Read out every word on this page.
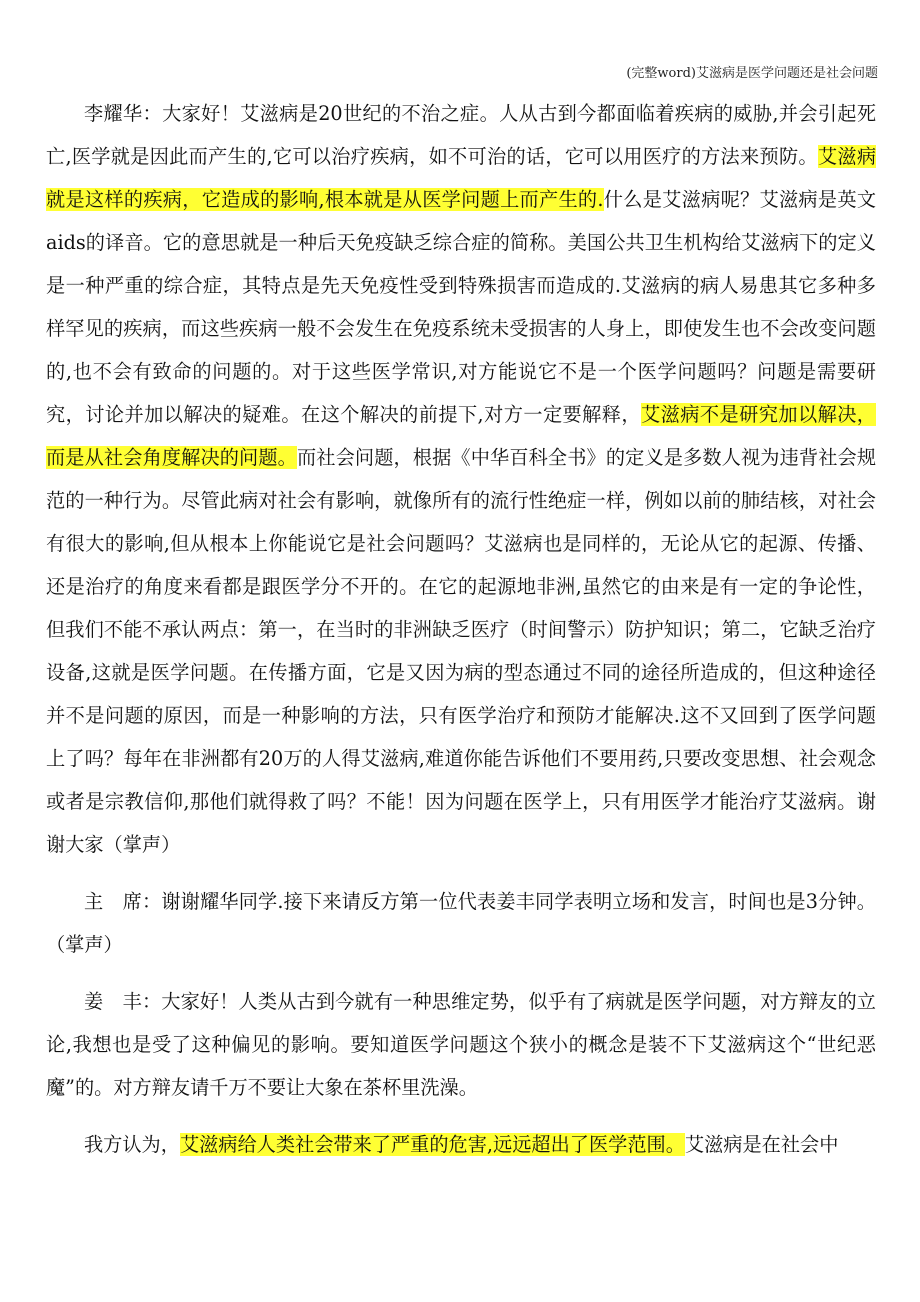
(完整word)艾滋病是医学问题还是社会问题

李耀华：大家好！艾滋病是20世纪的不治之症。人从古到今都面临着疾病的威胁,并会引起死亡,医学就是因此而产生的,它可以治疗疾病，如不可治的话，它可以用医疗的方法来预防。艾滋病就是这样的疾病，它造成的影响,根本就是从医学问题上而产生的.什么是艾滋病呢？艾滋病是英文aids的译音。它的意思就是一种后天免疫缺乏综合症的简称。美国公共卫生机构给艾滋病下的定义是一种严重的综合症，其特点是先天免疫性受到特殊损害而造成的.艾滋病的病人易患其它多种多样罕见的疾病，而这些疾病一般不会发生在免疫系统未受损害的人身上，即使发生也不会改变问题的,也不会有致命的问题的。对于这些医学常识,对方能说它不是一个医学问题吗？问题是需要研究，讨论并加以解决的疑难。在这个解决的前提下,对方一定要解释，艾滋病不是研究加以解决，而是从社会角度解决的问题。而社会问题，根据《中华百科全书》的定义是多数人视为违背社会规范的一种行为。尽管此病对社会有影响，就像所有的流行性绝症一样，例如以前的肺结核，对社会有很大的影响,但从根本上你能说它是社会问题吗？艾滋病也是同样的，无论从它的起源、传播、还是治疗的角度来看都是跟医学分不开的。在它的起源地非洲,虽然它的由来是有一定的争论性，但我们不能不承认两点：第一，在当时的非洲缺乏医疗（时间警示）防护知识；第二，它缺乏治疗设备,这就是医学问题。在传播方面，它是又因为病的型态通过不同的途径所造成的，但这种途径并不是问题的原因，而是一种影响的方法，只有医学治疗和预防才能解决.这不又回到了医学问题上了吗？每年在非洲都有20万的人得艾滋病,难道你能告诉他们不要用药,只要改变思想、社会观念或者是宗教信仰,那他们就得救了吗？不能！因为问题在医学上，只有用医学才能治疗艾滋病。谢谢大家（掌声）

主　席：谢谢耀华同学.接下来请反方第一位代表姜丰同学表明立场和发言，时间也是3分钟。（掌声）

姜　丰：大家好！人类从古到今就有一种思维定势，似乎有了病就是医学问题，对方辩友的立论,我想也是受了这种偏见的影响。要知道医学问题这个狭小的概念是装不下艾滋病这个“世纪恶魔”的。对方辩友请千万不要让大象在茶杯里洗澡。

我方认为，艾滋病给人类社会带来了严重的危害,远远超出了医学范围。艾滋病是在社会中
